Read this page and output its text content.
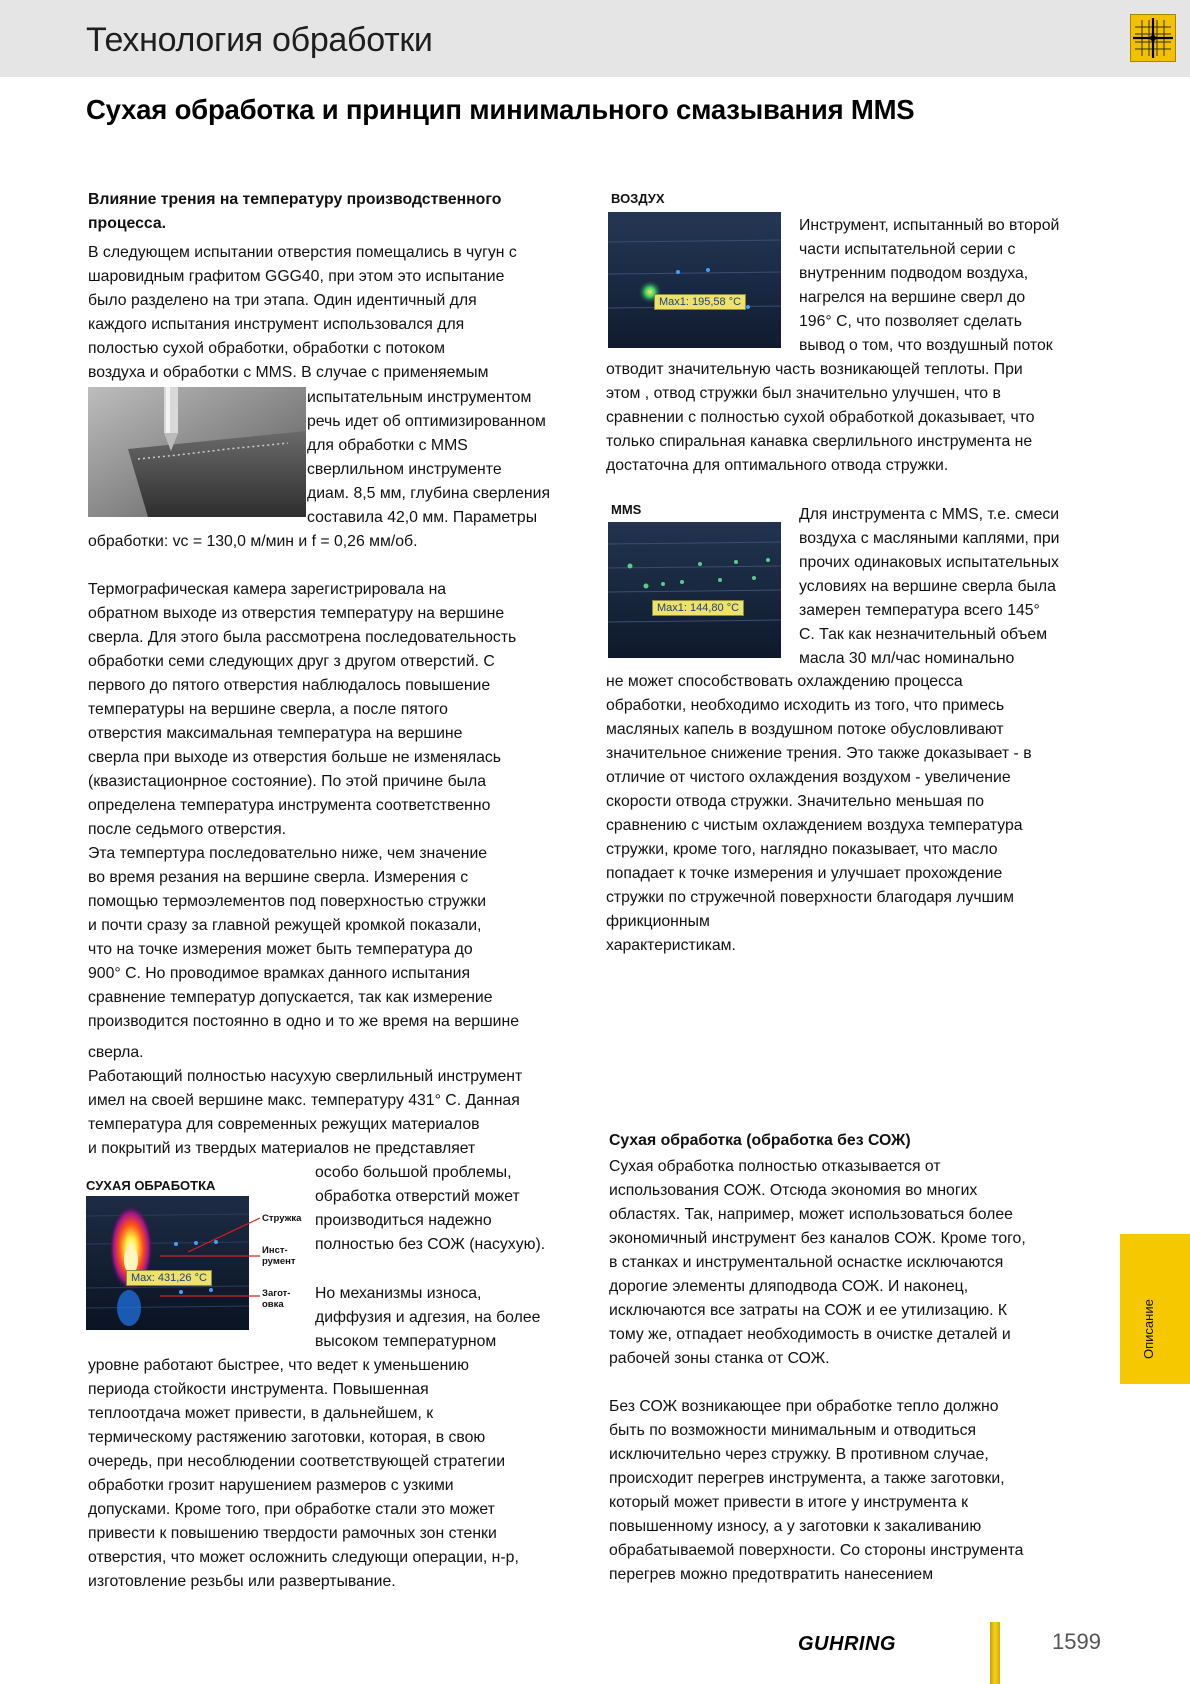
Технология обработки
Сухая обработка и принцип минимального смазывания MMS
Влияние трения на температуру производственного
процесса.
В следующем испытании отверстия помещались в чугун с
шаровидным графитом GGG40, при этом это испытание
было разделено на три этапа. Один идентичный для
каждого испытания инструмент использовался для
полостью сухой обработки, обработки с потоком
воздуха и обработки с MMS. В случае с применяемым
испытательным инструментом
речь идет об оптимизированном
для обработки с MMS
сверлильном инструменте
диам. 8,5 мм, глубина сверления
составила 42,0 мм. Параметры
обработки: vc = 130,0 м/мин и f = 0,26 мм/об.
Термографическая камера зарегистрировала на
обратном выходе из отверстия температуру на вершине
сверла. Для этого была рассмотрена последовательность
обработки семи следующих друг з другом отверстий. С
первого до пятого отверстия наблюдалось повышение
температуры на вершине сверла, а после пятого
отверстия максимальная температура на вершине
сверла при выходе из отверстия больше не изменялась
(квазистационрное состояние). По этой причине была
определена температура инструмента соответственно
после седьмого отверстия.
Эта темпертура последовательно ниже, чем значение
во время резания на вершине сверла. Измерения с
помощью термоэлементов под поверхностью стружки
и почти сразу за главной режущей кромкой показали,
что на точке измерения может быть температура до
900° С. Но проводимое врамках данного испытания
сравнение температур допускается, так как измерение
производится постоянно в одно и то же время на вершине
сверла.
Работающий полностью насухую сверлильный инструмент
имел на своей вершине макс. температуру 431° С. Данная
температура для современных режущих материалов
и покрытий из твердых материалов не представляет
СУХАЯ ОБРАБОТКА
Max: 431,26 °C
Стружка
Инст-
румент
Загот-
овка
особо большой проблемы,
обработка отверстий может
производиться надежно
полностью без СОЖ (насухую).
Но механизмы износа,
диффузия и адгезия, на более
высоком температурном
уровне работают быстрее, что ведет к уменьшению
периода стойкости инструмента. Повышенная
теплоотдача может привести, в дальнейшем, к
термическому растяжению заготовки, которая, в свою
очередь, при несоблюдении соответствующей стратегии
обработки грозит нарушением размеров с узкими
допусками. Кроме того, при обработке стали это может
привести к повышению твердости рамочных зон стенки
отверстия, что может осложнить следующи операции, н-р,
изготовление резьбы или развертывание.
ВОЗДУХ
Max1: 195,58 °C
Инструмент, испытанный во второй
части испытательной серии с
внутренним подводом воздуха,
нагрелся на вершине сверл до
196° С, что позволяет сделать
вывод о том, что воздушный поток
отводит значительную часть возникающей теплоты. При
этом , отвод стружки был значительно улучшен, что в
сравнении с полностью сухой обработкой доказывает, что
только спиральная канавка сверлильного инструмента не
достаточна для оптимального отвода стружки.
MMS
Max1: 144,80 °C
Для инструмента с MMS, т.е. смеси
воздуха с масляными каплями, при
прочих одинаковых испытательных
условиях на вершине сверла была
замерен температура всего 145°
С. Так как незначительный объем
масла 30 мл/час номинально
не может способствовать охлаждению процесса
обработки, необходимо исходить из того, что примесь
масляных капель в воздушном потоке обусловливают
значительное снижение трения. Это также доказывает - в
отличие от чистого охлаждения воздухом - увеличение
скорости отвода стружки. Значительно меньшая по
сравнению с чистым охлаждением воздуха температура
стружки, кроме того, наглядно показывает, что масло
попадает к точке измерения и улучшает прохождение
стружки по стружечной поверхности благодаря лучшим
фрикционным
характеристикам.
Сухая обработка (обработка без СОЖ)
Сухая обработка полностью отказывается от
использования СОЖ. Отсюда экономия во многих
областях. Так, например, может использоваться более
экономичный инструмент без каналов СОЖ. Кроме того,
в станках и инструментальной оснастке исключаются
дорогие элементы дляподвода СОЖ. И наконец,
исключаются все затраты на СОЖ и ее утилизацию. К
тому же, отпадает необходимость в очистке деталей и
рабочей зоны станка от СОЖ.
Без СОЖ возникающее при обработке тепло должно
быть по возможности минимальным и отводиться
исключительно через стружку. В противном случае,
происходит перегрев инструмента, а также заготовки,
который может привести в итоге у инструмента к
повышенному износу, а у заготовки к закаливанию
обрабатываемой поверхности. Со стороны инструмента
перегрев можно предотвратить нанесением
Описание
GUHRING	1599
